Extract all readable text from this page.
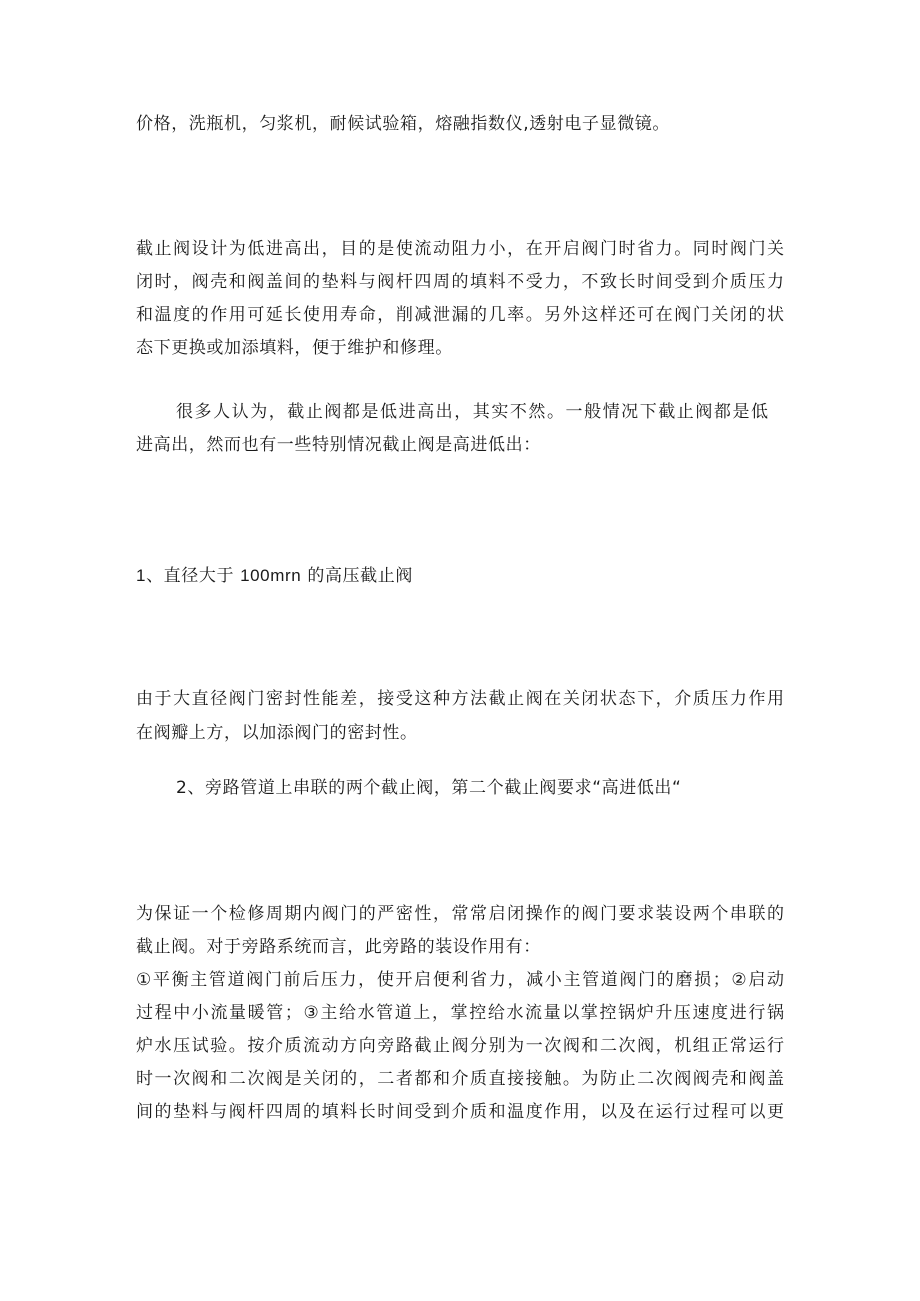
价格，洗瓶机，匀浆机，耐候试验箱，熔融指数仪,透射电子显微镜。
截止阀设计为低进高出，目的是使流动阻力小，在开启阀门时省力。同时阀门关
闭时，阀壳和阀盖间的垫料与阀杆四周的填料不受力，不致长时间受到介质压力
和温度的作用可延长使用寿命，削减泄漏的几率。另外这样还可在阀门关闭的状
态下更换或加添填料，便于维护和修理。
很多人认为，截止阀都是低进高出，其实不然。一般情况下截止阀都是低
进高出，然而也有一些特别情况截止阀是高进低出：
1、直径大于 100mrn 的高压截止阀
由于大直径阀门密封性能差，接受这种方法截止阀在关闭状态下，介质压力作用
在阀瓣上方，以加添阀门的密封性。
2、旁路管道上串联的两个截止阀，第二个截止阀要求“高进低出“
为保证一个检修周期内阀门的严密性，常常启闭操作的阀门要求装设两个串联的
截止阀。对于旁路系统而言，此旁路的装设作用有：
①平衡主管道阀门前后压力，使开启便利省力，减小主管道阀门的磨损；②启动
过程中小流量暖管；③主给水管道上，掌控给水流量以掌控锅炉升压速度进行锅
炉水压试验。按介质流动方向旁路截止阀分别为一次阀和二次阀，机组正常运行
时一次阀和二次阀是关闭的，二者都和介质直接接触。为防止二次阀阀壳和阀盖
间的垫料与阀杆四周的填料长时间受到介质和温度作用，以及在运行过程可以更
